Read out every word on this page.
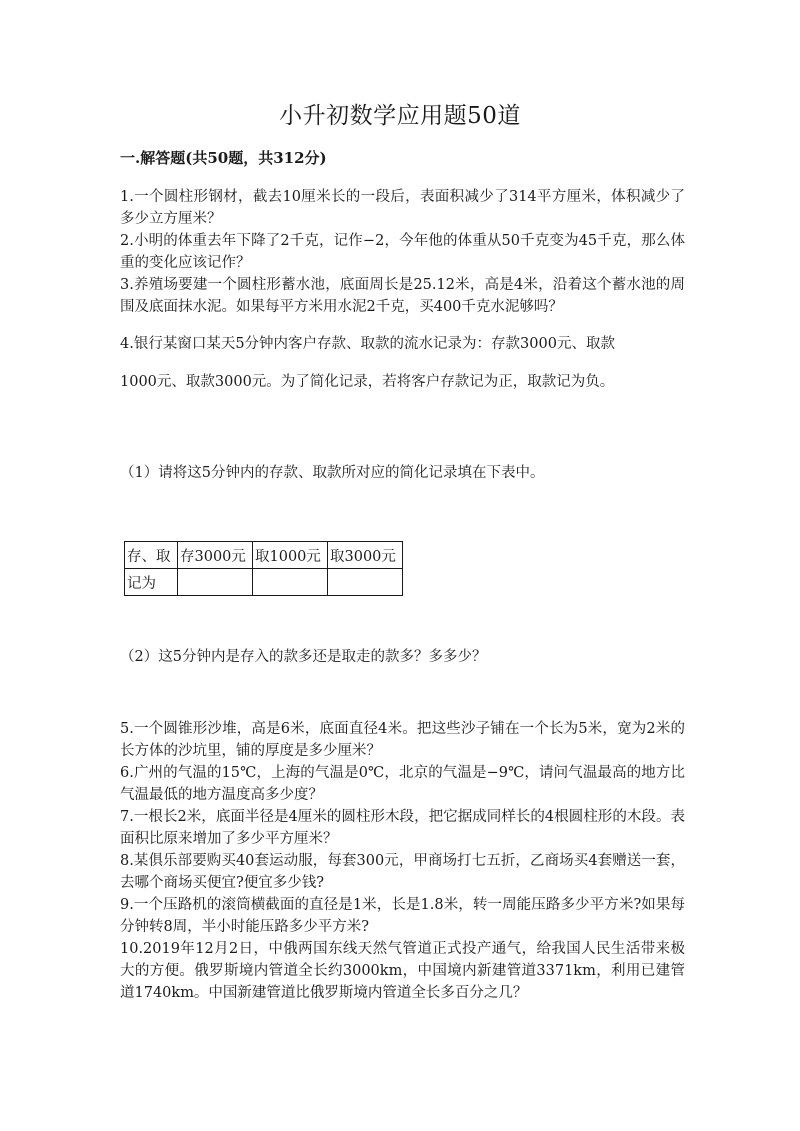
小升初数学应用题50道
一.解答题(共50题，共312分)
1.一个圆柱形钢材，截去10厘米长的一段后，表面积减少了314平方厘米，体积减少了多少立方厘米？
2.小明的体重去年下降了2千克，记作−2，今年他的体重从50千克变为45千克，那么体重的变化应该记作？
3.养殖场要建一个圆柱形蓄水池，底面周长是25.12米，高是4米，沿着这个蓄水池的周围及底面抹水泥。如果每平方米用水泥2千克，买400千克水泥够吗？
4.银行某窗口某天5分钟内客户存款、取款的流水记录为：存款3000元、取款
1000元、取款3000元。为了简化记录，若将客户存款记为正，取款记为负。
（1）请将这5分钟内的存款、取款所对应的简化记录填在下表中。
存、取	存3000元	取1000元	取3000元
记为			
（2）这5分钟内是存入的款多还是取走的款多？多多少？
5.一个圆锥形沙堆，高是6米，底面直径4米。把这些沙子铺在一个长为5米，宽为2米的长方体的沙坑里，铺的厚度是多少厘米？
6.广州的气温的15℃，上海的气温是0℃，北京的气温是−9℃，请问气温最高的地方比气温最低的地方温度高多少度？
7.一根长2米，底面半径是4厘米的圆柱形木段，把它据成同样长的4根圆柱形的木段。表面积比原来增加了多少平方厘米？
8.某俱乐部要购买40套运动服，每套300元，甲商场打七五折，乙商场买4套赠送一套，去哪个商场买便宜?便宜多少钱?
9.一个压路机的滚筒横截面的直径是1米，长是1.8米，转一周能压路多少平方米?如果每分钟转8周，半小时能压路多少平方米?
10.2019年12月2日，中俄两国东线天然气管道正式投产通气，给我国人民生活带来极大的方便。俄罗斯境内管道全长约3000km，中国境内新建管道3371km，利用已建管道1740km。中国新建管道比俄罗斯境内管道全长多百分之几？
